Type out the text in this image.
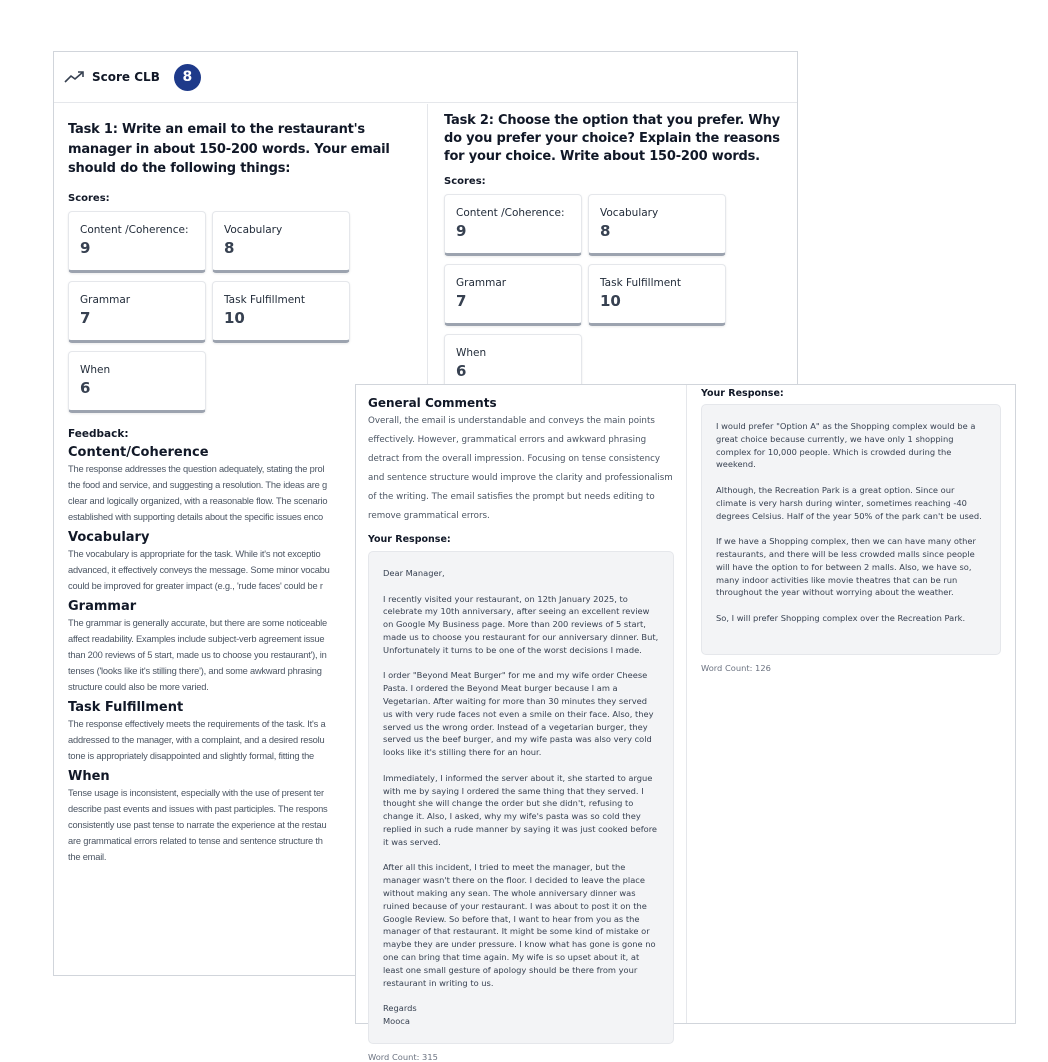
Score CLB	8
Task 1: Write an email to the restaurant's manager in about 150-200 words. Your email should do the following things:
Scores:
Content /Coherence:
9
Vocabulary
8
Grammar
7
Task Fulfillment
10
When
6
Feedback:
Content/Coherence
The response addresses the question adequately, stating the prol
the food and service, and suggesting a resolution. The ideas are g
clear and logically organized, with a reasonable flow. The scenario
established with supporting details about the specific issues enco
Vocabulary
The vocabulary is appropriate for the task. While it's not exceptio
advanced, it effectively conveys the message. Some minor vocabu
could be improved for greater impact (e.g., 'rude faces' could be r
Grammar
The grammar is generally accurate, but there are some noticeable
affect readability. Examples include subject-verb agreement issue
than 200 reviews of 5 start, made us to choose you restaurant'), in
tenses ('looks like it's stilling there'), and some awkward phrasing
structure could also be more varied.
Task Fulfillment
The response effectively meets the requirements of the task. It's a
addressed to the manager, with a complaint, and a desired resolu
tone is appropriately disappointed and slightly formal, fitting the
When
Tense usage is inconsistent, especially with the use of present ter
describe past events and issues with past participles. The respons
consistently use past tense to narrate the experience at the restau
are grammatical errors related to tense and sentence structure th
the email.
Task 2: Choose the option that you prefer. Why do you prefer your choice? Explain the reasons for your choice. Write about 150-200 words.
Scores:
Content /Coherence:
9
Vocabulary
8
Grammar
7
Task Fulfillment
10
When
6
General Comments
Overall, the email is understandable and conveys the main points effectively. However, grammatical errors and awkward phrasing detract from the overall impression. Focusing on tense consistency and sentence structure would improve the clarity and professionalism of the writing. The email satisfies the prompt but needs editing to remove grammatical errors.
Your Response:

Dear Manager,

I recently visited your restaurant, on 12th January 2025, to celebrate my 10th anniversary, after seeing an excellent review on Google My Business page. More than 200 reviews of 5 start, made us to choose you restaurant for our anniversary dinner. But, Unfortunately it turns to be one of the worst decisions I made.

I order "Beyond Meat Burger" for me and my wife order Cheese Pasta. I ordered the Beyond Meat burger because I am a Vegetarian. After waiting for more than 30 minutes they served us with very rude faces not even a smile on their face. Also, they served us the wrong order. Instead of a vegetarian burger, they served us the beef burger, and my wife pasta was also very cold looks like it's stilling there for an hour.

Immediately, I informed the server about it, she started to argue with me by saying I ordered the same thing that they served. I thought she will change the order but she didn't, refusing to change it. Also, I asked, why my wife's pasta was so cold they replied in such a rude manner by saying it was just cooked before it was served.

After all this incident, I tried to meet the manager, but the manager wasn't there on the floor. I decided to leave the place without making any sean. The whole anniversary dinner was ruined because of your restaurant. I was about to post it on the Google Review. So before that, I want to hear from you as the manager of that restaurant. It might be some kind of mistake or maybe they are under pressure. I know what has gone is gone no one can bring that time again. My wife is so upset about it, at least one small gesture of apology should be there from your restaurant in writing to us.

Regards
Mooca

Word Count: 315
Your Response:

I would prefer "Option A" as the Shopping complex would be a great choice because currently, we have only 1 shopping complex for 10,000 people. Which is crowded during the weekend.

Although, the Recreation Park is a great option. Since our climate is very harsh during winter, sometimes reaching -40 degrees Celsius. Half of the year 50% of the park can't be used.

If we have a Shopping complex, then we can have many other restaurants, and there will be less crowded malls since people will have the option to for between 2 malls. Also, we have so, many indoor activities like movie theatres that can be run throughout the year without worrying about the weather.

So, I will prefer Shopping complex over the Recreation Park.

Word Count: 126
